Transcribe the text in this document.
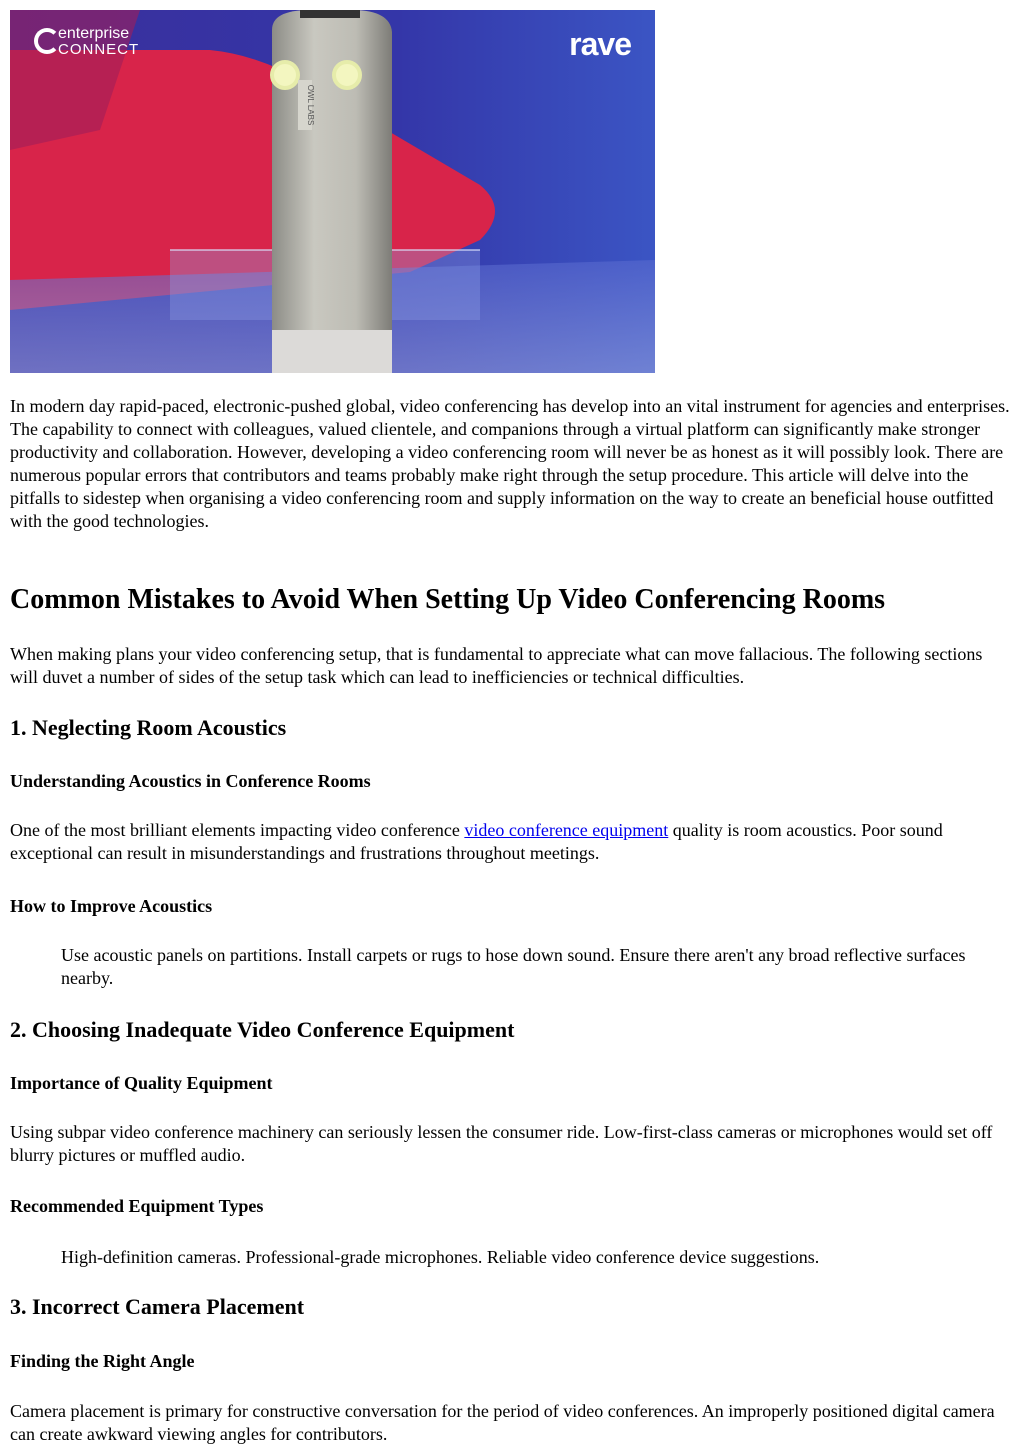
OWL LABS
enterprise
CONNECT	rave

In modern day rapid-paced, electronic-pushed global, video conferencing has develop into an vital instrument for agencies and enterprises. The capability to connect with colleagues, valued clientele, and companions through a virtual platform can significantly make stronger productivity and collaboration. However, developing a video conferencing room will never be as honest as it will possibly look. There are numerous popular errors that contributors and teams probably make right through the setup procedure. This article will delve into the pitfalls to sidestep when organising a video conferencing room and supply information on the way to create an beneficial house outfitted with the good technologies.

Common Mistakes to Avoid When Setting Up Video Conferencing Rooms

When making plans your video conferencing setup, that is fundamental to appreciate what can move fallacious. The following sections will duvet a number of sides of the setup task which can lead to inefficiencies or technical difficulties.

1. Neglecting Room Acoustics
Understanding Acoustics in Conference Rooms

One of the most brilliant elements impacting video conference video conference equipment quality is room acoustics. Poor sound exceptional can result in misunderstandings and frustrations throughout meetings.

How to Improve Acoustics

Use acoustic panels on partitions. Install carpets or rugs to hose down sound. Ensure there aren't any broad reflective surfaces nearby.

2. Choosing Inadequate Video Conference Equipment
Importance of Quality Equipment

Using subpar video conference machinery can seriously lessen the consumer ride. Low-first-class cameras or microphones would set off blurry pictures or muffled audio.

Recommended Equipment Types

High-definition cameras. Professional-grade microphones. Reliable video conference device suggestions.

3. Incorrect Camera Placement
Finding the Right Angle

Camera placement is primary for constructive conversation for the period of video conferences. An improperly positioned digital camera can create awkward viewing angles for contributors.
